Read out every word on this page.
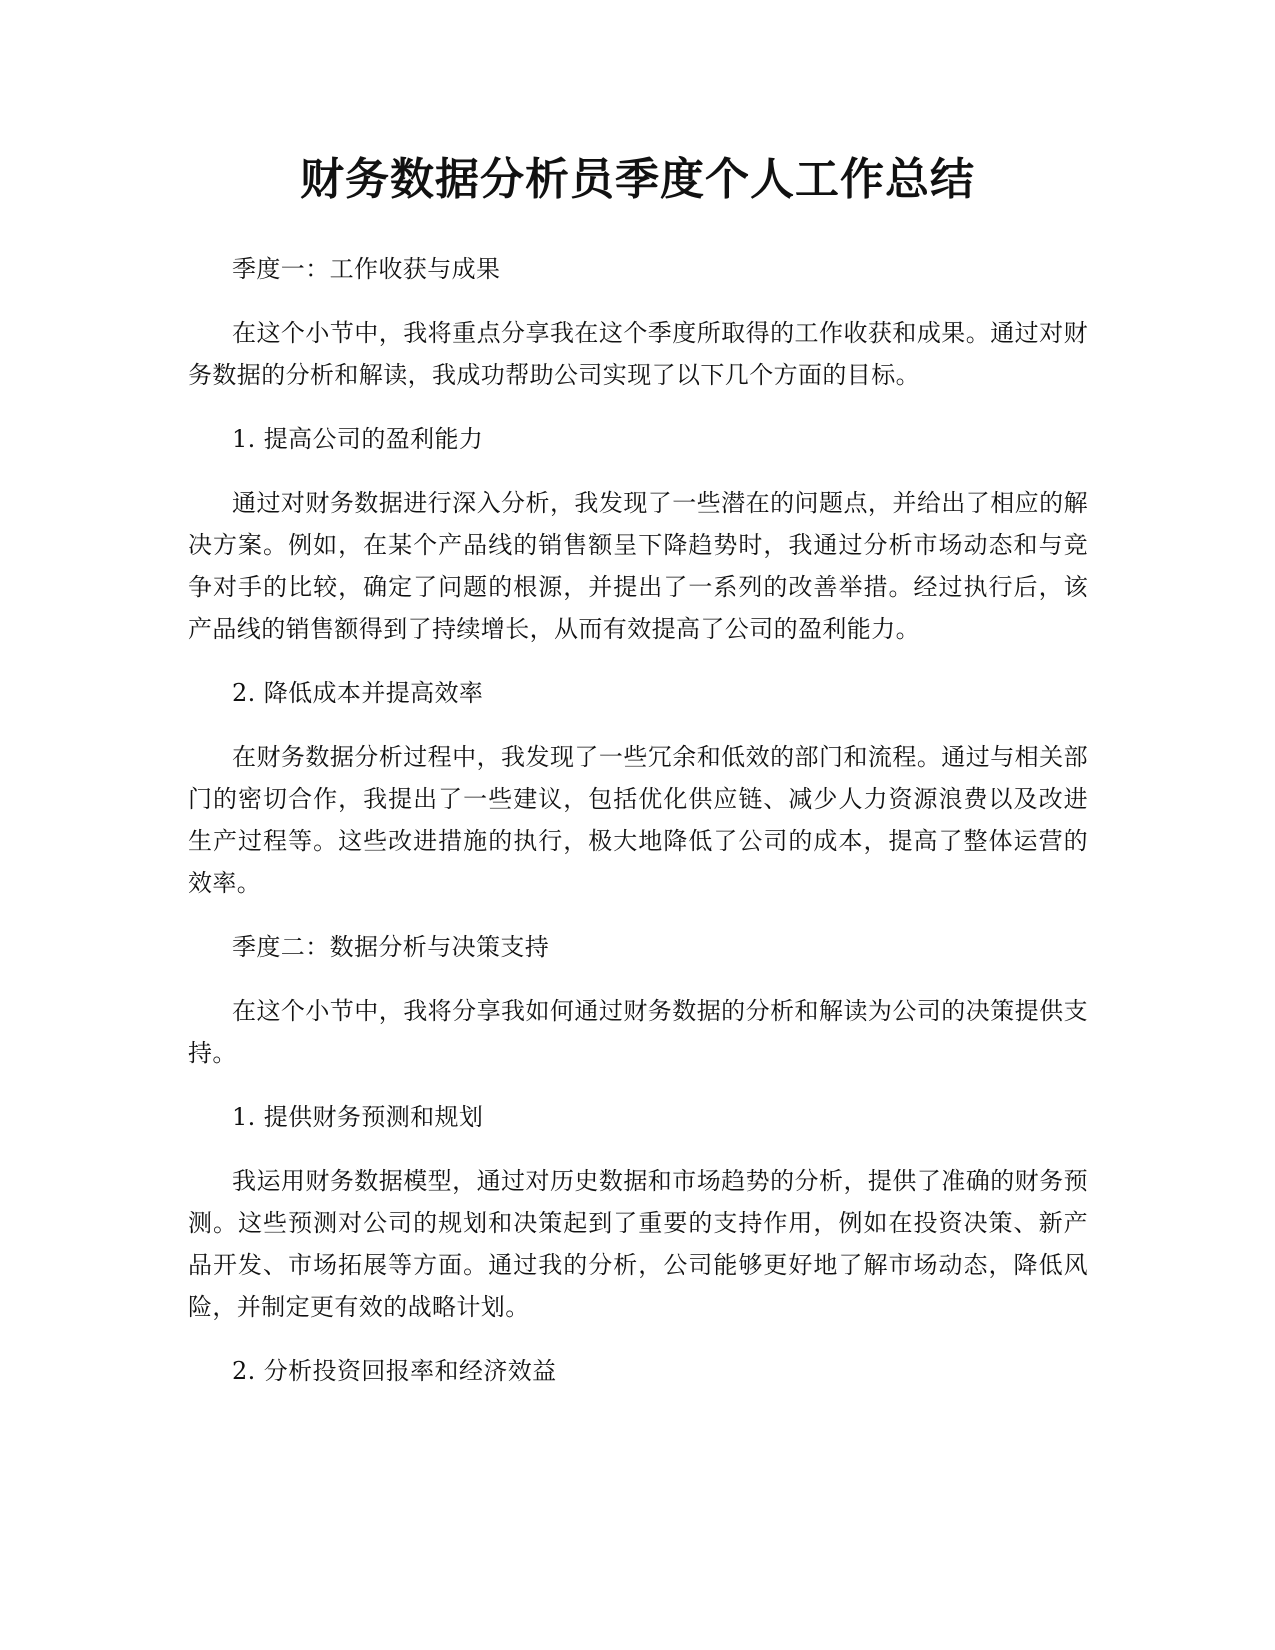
财务数据分析员季度个人工作总结

季度一：工作收获与成果

在这个小节中，我将重点分享我在这个季度所取得的工作收获和成果。通过对财务数据的分析和解读，我成功帮助公司实现了以下几个方面的目标。

1. 提高公司的盈利能力

通过对财务数据进行深入分析，我发现了一些潜在的问题点，并给出了相应的解决方案。例如，在某个产品线的销售额呈下降趋势时，我通过分析市场动态和与竞争对手的比较，确定了问题的根源，并提出了一系列的改善举措。经过执行后，该产品线的销售额得到了持续增长，从而有效提高了公司的盈利能力。

2. 降低成本并提高效率

在财务数据分析过程中，我发现了一些冗余和低效的部门和流程。通过与相关部门的密切合作，我提出了一些建议，包括优化供应链、减少人力资源浪费以及改进生产过程等。这些改进措施的执行，极大地降低了公司的成本，提高了整体运营的效率。

季度二：数据分析与决策支持

在这个小节中，我将分享我如何通过财务数据的分析和解读为公司的决策提供支持。

1. 提供财务预测和规划

我运用财务数据模型，通过对历史数据和市场趋势的分析，提供了准确的财务预测。这些预测对公司的规划和决策起到了重要的支持作用，例如在投资决策、新产品开发、市场拓展等方面。通过我的分析，公司能够更好地了解市场动态，降低风险，并制定更有效的战略计划。

2. 分析投资回报率和经济效益
